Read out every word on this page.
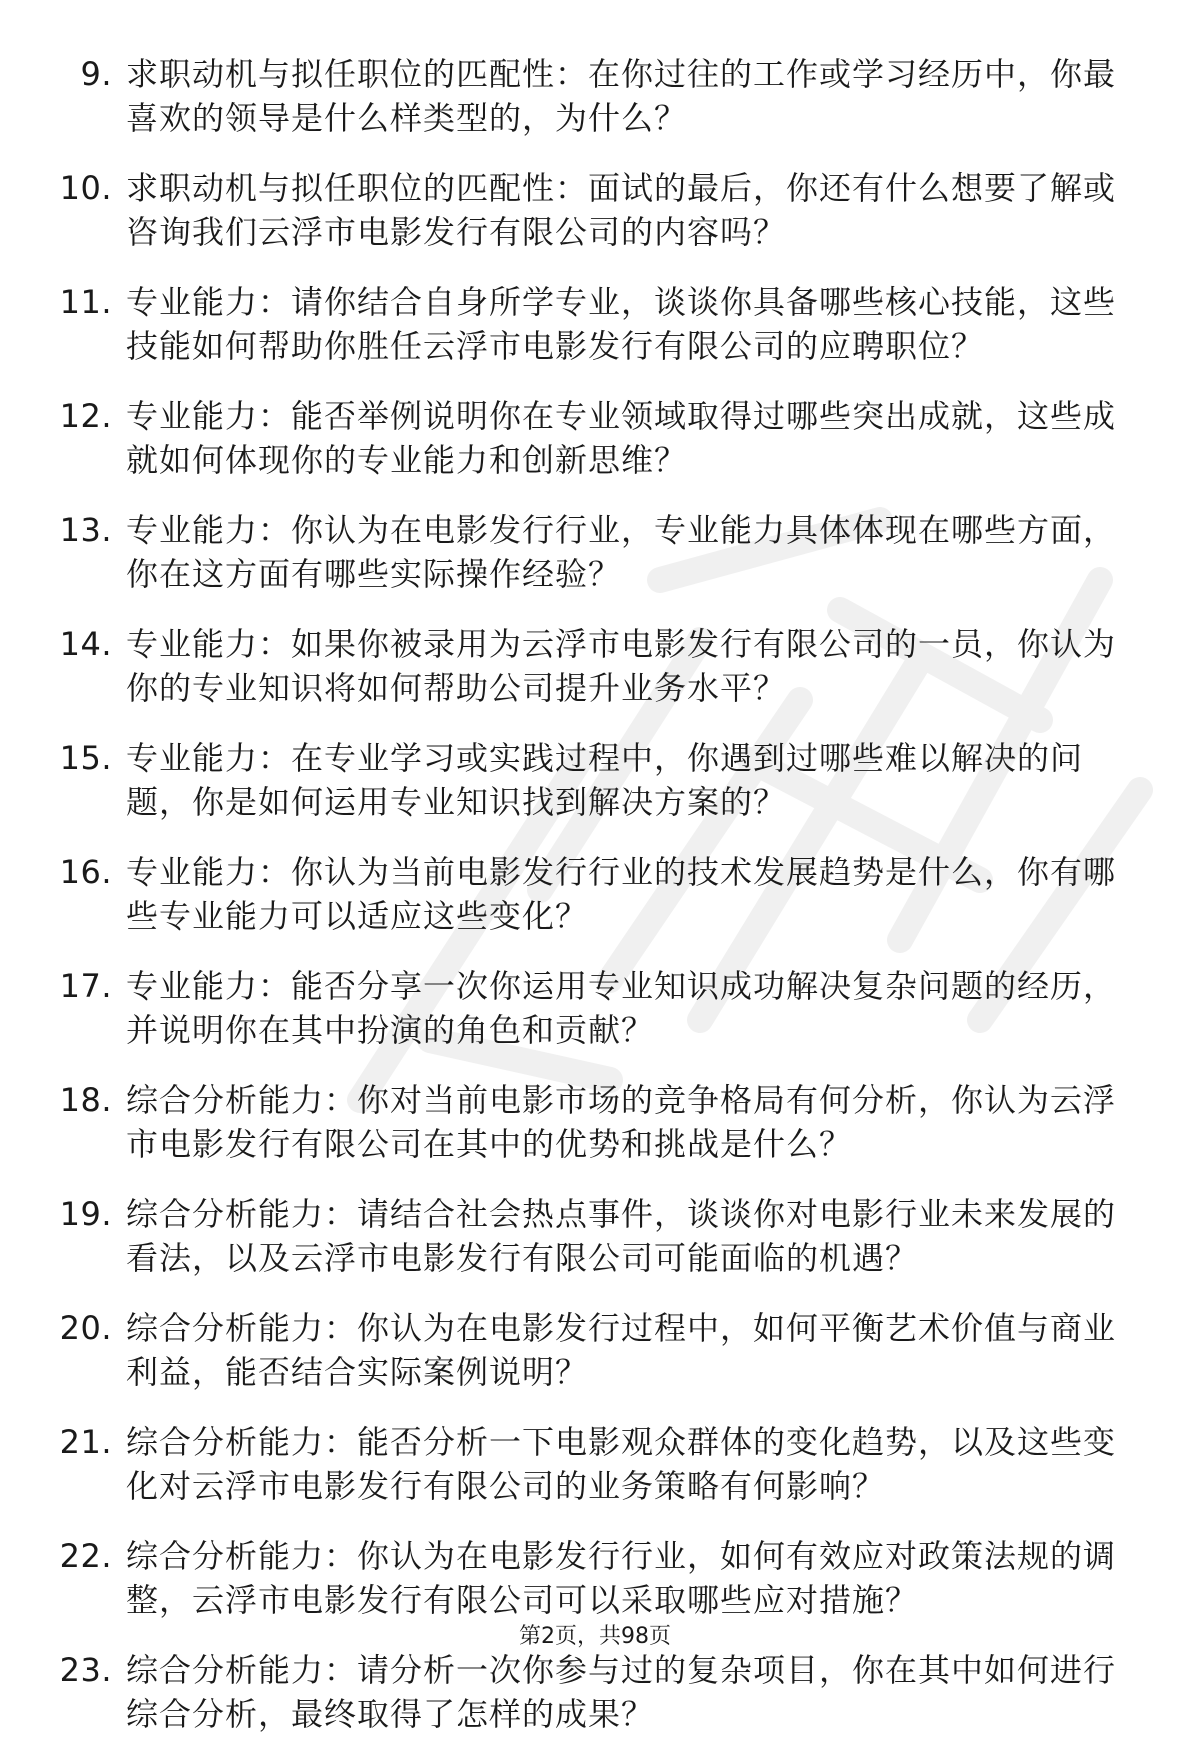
9. 求职动机与拟任职位的匹配性：在你过往的工作或学习经历中，你最喜欢的领导是什么样类型的，为什么？
10. 求职动机与拟任职位的匹配性：面试的最后，你还有什么想要了解或咨询我们云浮市电影发行有限公司的内容吗？
11. 专业能力：请你结合自身所学专业，谈谈你具备哪些核心技能，这些技能如何帮助你胜任云浮市电影发行有限公司的应聘职位？
12. 专业能力：能否举例说明你在专业领域取得过哪些突出成就，这些成就如何体现你的专业能力和创新思维？
13. 专业能力：你认为在电影发行行业，专业能力具体体现在哪些方面，你在这方面有哪些实际操作经验？
14. 专业能力：如果你被录用为云浮市电影发行有限公司的一员，你认为你的专业知识将如何帮助公司提升业务水平？
15. 专业能力：在专业学习或实践过程中，你遇到过哪些难以解决的问题，你是如何运用专业知识找到解决方案的？
16. 专业能力：你认为当前电影发行行业的技术发展趋势是什么，你有哪些专业能力可以适应这些变化？
17. 专业能力：能否分享一次你运用专业知识成功解决复杂问题的经历，并说明你在其中扮演的角色和贡献？
18. 综合分析能力：你对当前电影市场的竞争格局有何分析，你认为云浮市电影发行有限公司在其中的优势和挑战是什么？
19. 综合分析能力：请结合社会热点事件，谈谈你对电影行业未来发展的看法，以及云浮市电影发行有限公司可能面临的机遇？
20. 综合分析能力：你认为在电影发行过程中，如何平衡艺术价值与商业利益，能否结合实际案例说明？
21. 综合分析能力：能否分析一下电影观众群体的变化趋势，以及这些变化对云浮市电影发行有限公司的业务策略有何影响？
22. 综合分析能力：你认为在电影发行行业，如何有效应对政策法规的调整，云浮市电影发行有限公司可以采取哪些应对措施？
23. 综合分析能力：请分析一次你参与过的复杂项目，你在其中如何进行综合分析，最终取得了怎样的成果？
第2页，共98页
